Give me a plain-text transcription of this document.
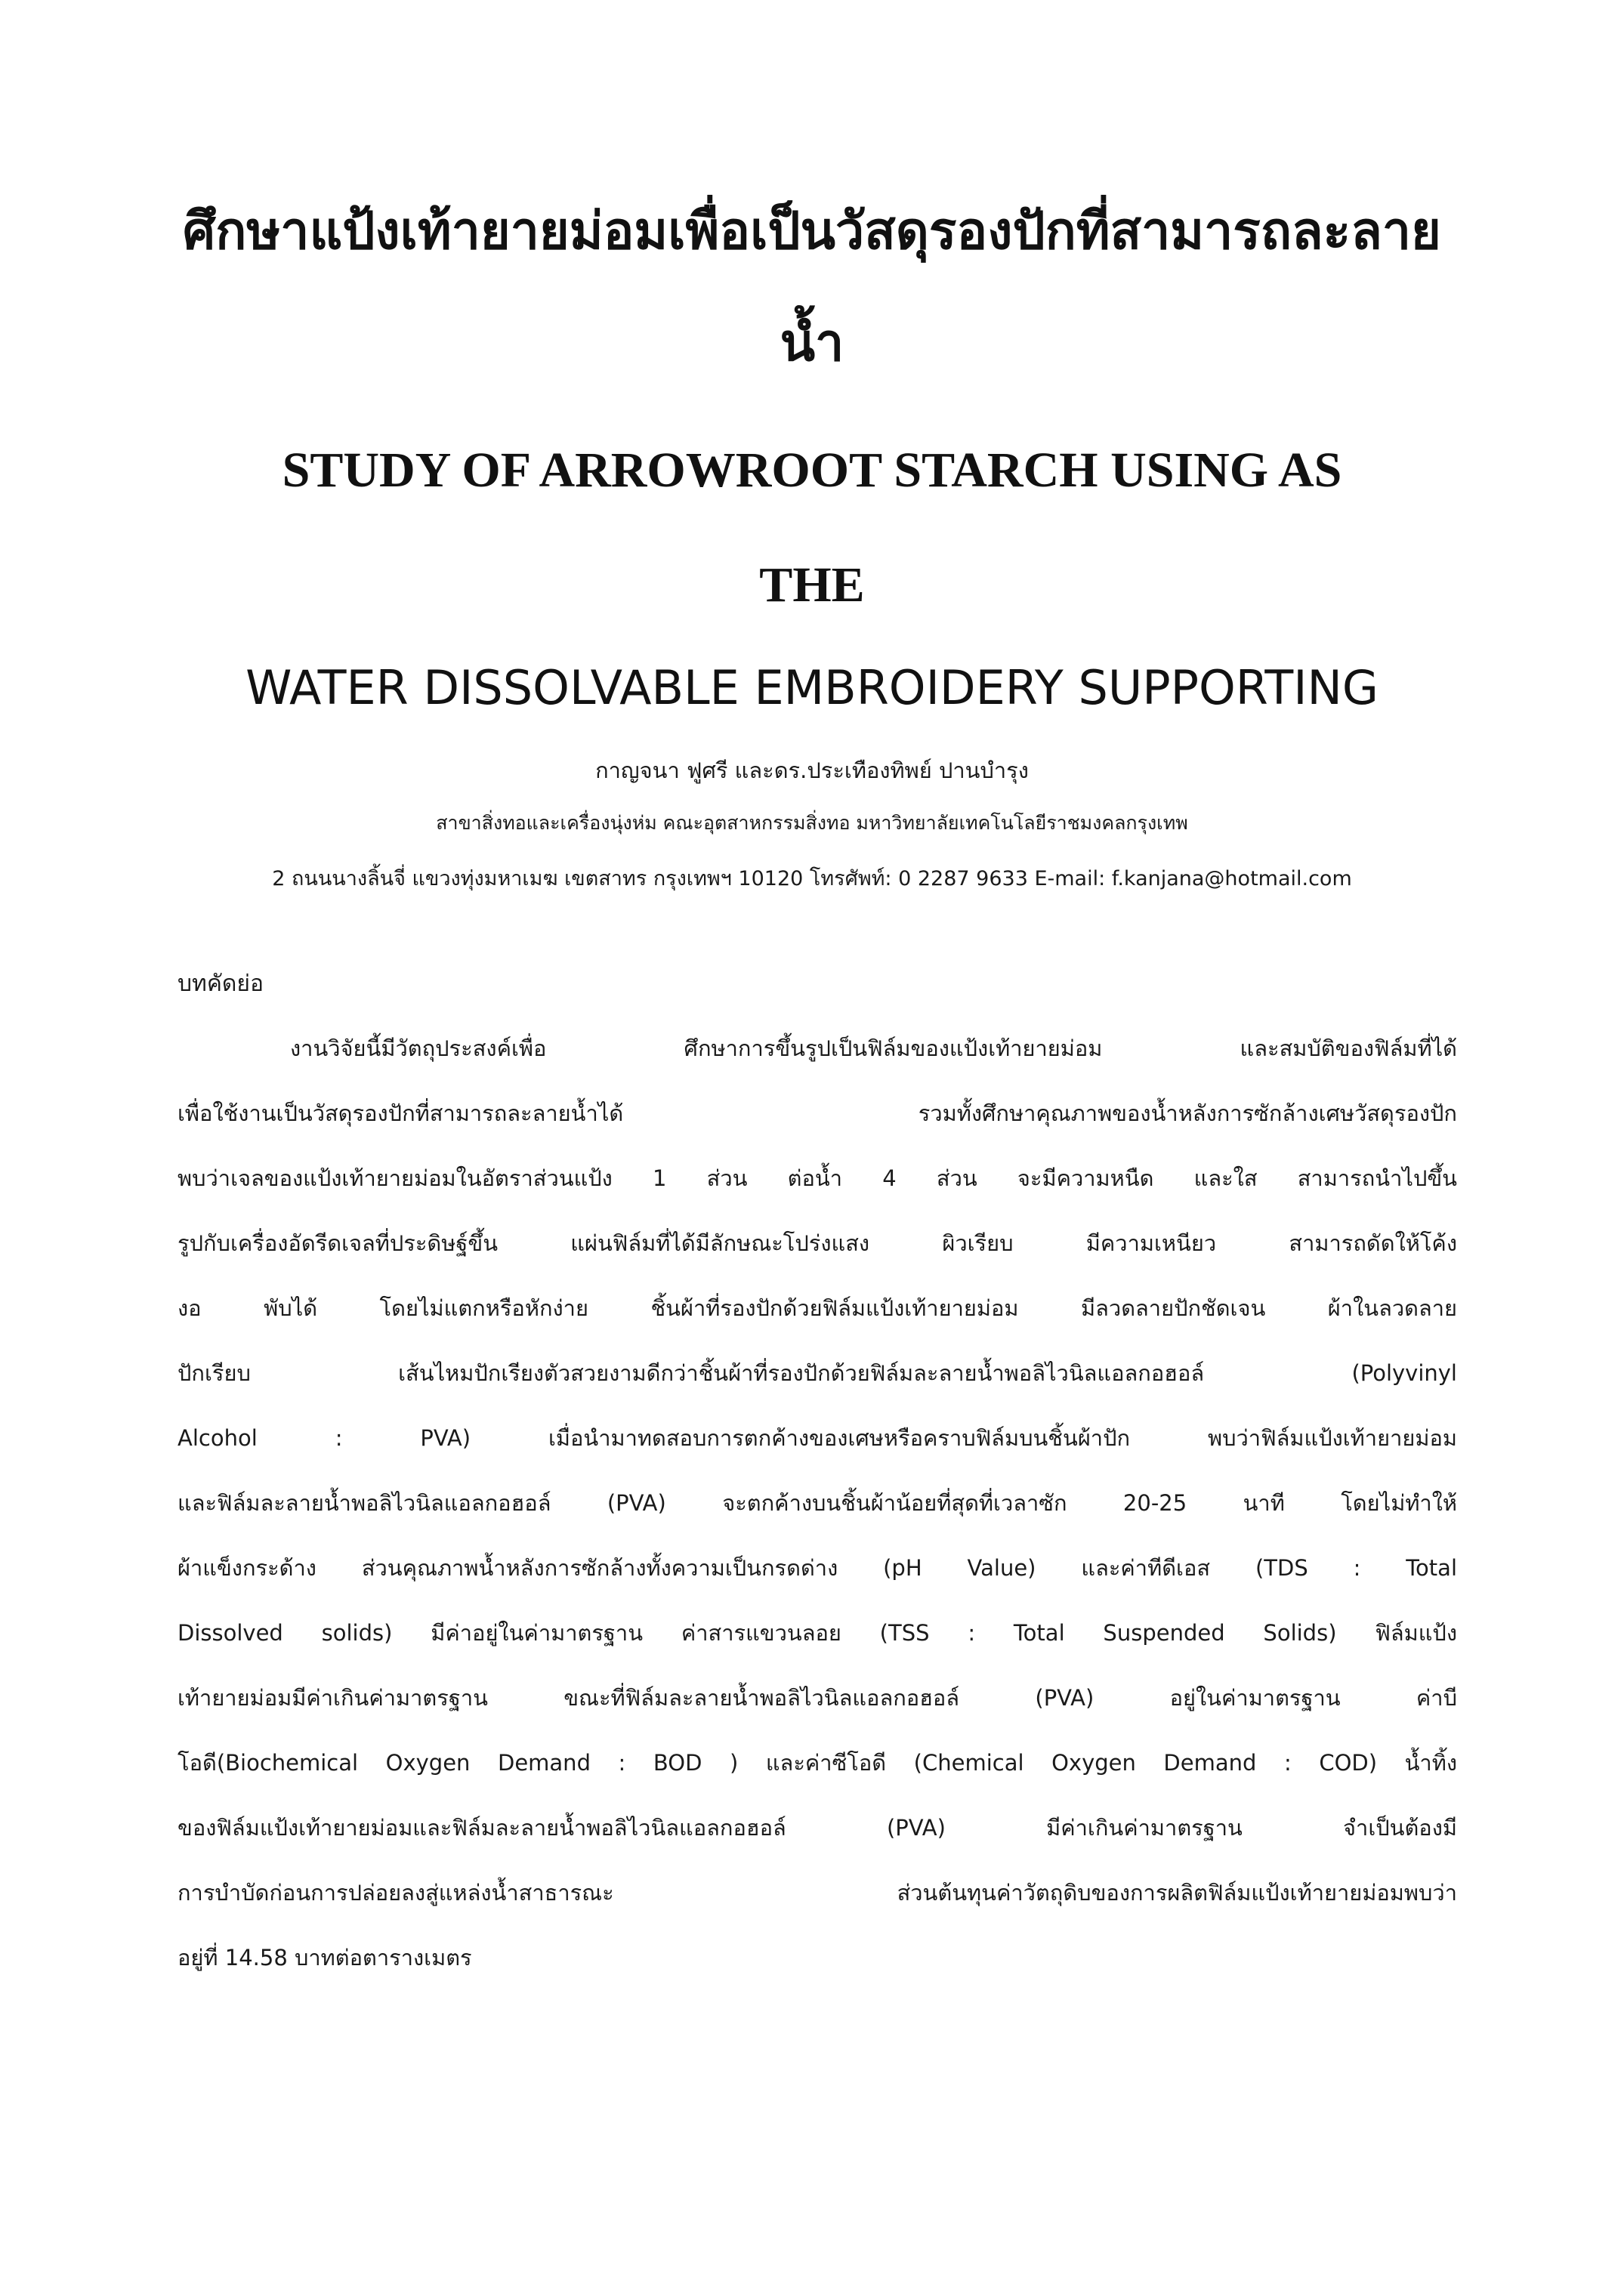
ศึกษาแป้งเท้ายายม่อมเพื่อเป็นวัสดุรองปักที่สามารถละลาย
น้ำ
STUDY OF ARROWROOT STARCH USING AS
THE
WATER DISSOLVABLE EMBROIDERY SUPPORTING
กาญจนา ฟูศรี และดร.ประเทืองทิพย์ ปานบำรุง
สาขาสิ่งทอและเครื่องนุ่งห่ม คณะอุตสาหกรรมสิ่งทอ มหาวิทยาลัยเทคโนโลยีราชมงคลกรุงเทพ
2 ถนนนางลิ้นจี่ แขวงทุ่งมหาเมฆ เขตสาทร กรุงเทพฯ 10120 โทรศัพท์: 0 2287 9633 E-mail: f.kanjana@hotmail.com
บทคัดย่อ
งานวิจัยนี้มีวัตถุประสงค์เพื่อ ศึกษาการขึ้นรูปเป็นฟิล์มของแป้งเท้ายายม่อม และสมบัติของฟิล์มที่ได้
เพื่อใช้งานเป็นวัสดุรองปักที่สามารถละลายน้ำได้ รวมทั้งศึกษาคุณภาพของน้ำหลังการซักล้างเศษวัสดุรองปัก
พบว่าเจลของแป้งเท้ายายม่อมในอัตราส่วนแป้ง 1 ส่วน ต่อน้ำ 4 ส่วน จะมีความหนืด และใส สามารถนำไปขึ้น
รูปกับเครื่องอัดรีดเจลที่ประดิษฐ์ขึ้น แผ่นฟิล์มที่ได้มีลักษณะโปร่งแสง ผิวเรียบ มีความเหนียว สามารถดัดให้โค้ง
งอ พับได้ โดยไม่แตกหรือหักง่าย ชิ้นผ้าที่รองปักด้วยฟิล์มแป้งเท้ายายม่อม มีลวดลายปักชัดเจน ผ้าในลวดลาย
ปักเรียบ เส้นไหมปักเรียงตัวสวยงามดีกว่าชิ้นผ้าที่รองปักด้วยฟิล์มละลายน้ำพอลิไวนิลแอลกอฮอล์ (Polyvinyl
Alcohol : PVA) เมื่อนำมาทดสอบการตกค้างของเศษหรือคราบฟิล์มบนชิ้นผ้าปัก พบว่าฟิล์มแป้งเท้ายายม่อม
และฟิล์มละลายน้ำพอลิไวนิลแอลกอฮอล์ (PVA) จะตกค้างบนชิ้นผ้าน้อยที่สุดที่เวลาซัก 20-25 นาที โดยไม่ทำให้
ผ้าแข็งกระด้าง ส่วนคุณภาพน้ำหลังการซักล้างทั้งความเป็นกรดด่าง (pH Value) และค่าทีดีเอส (TDS : Total
Dissolved solids) มีค่าอยู่ในค่ามาตรฐาน ค่าสารแขวนลอย (TSS : Total Suspended Solids) ฟิล์มแป้ง
เท้ายายม่อมมีค่าเกินค่ามาตรฐาน ขณะที่ฟิล์มละลายน้ำพอลิไวนิลแอลกอฮอล์ (PVA) อยู่ในค่ามาตรฐาน ค่าบี
โอดี(Biochemical Oxygen Demand : BOD ) และค่าซีโอดี (Chemical Oxygen Demand : COD) น้ำทิ้ง
ของฟิล์มแป้งเท้ายายม่อมและฟิล์มละลายน้ำพอลิไวนิลแอลกอฮอล์ (PVA) มีค่าเกินค่ามาตรฐาน จำเป็นต้องมี
การบำบัดก่อนการปล่อยลงสู่แหล่งน้ำสาธารณะ ส่วนต้นทุนค่าวัตถุดิบของการผลิตฟิล์มแป้งเท้ายายม่อมพบว่า
อยู่ที่ 14.58 บาทต่อตารางเมตร
